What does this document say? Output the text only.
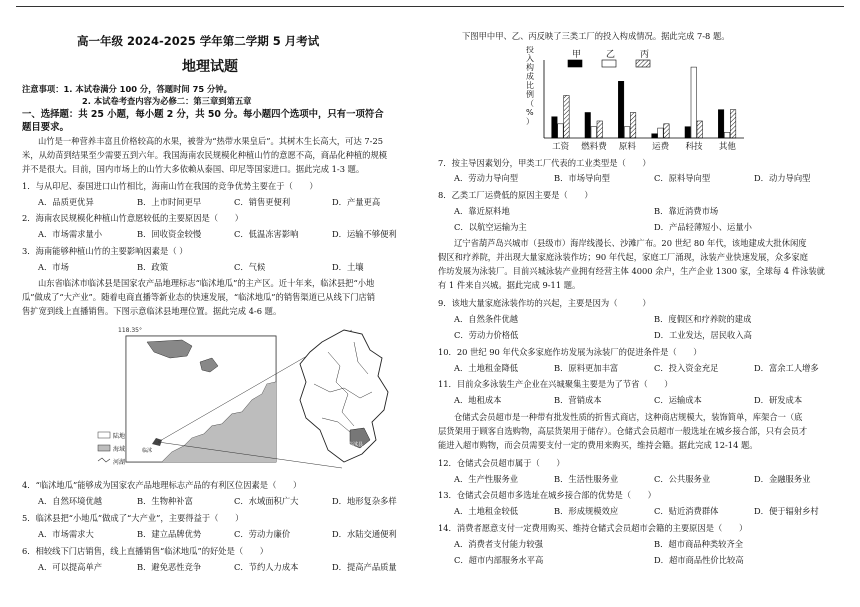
高一年级 2024-2025 学年第二学期 5 月考试
地理试题
注意事项：1. 本试卷满分 100 分，答题时间 75 分钟。
2. 本试卷考查内容为必修二：第三章到第五章
一、选择题：共 25 小题，每小题 2 分，共 50 分。每小题四个选项中，只有一项符合
题目要求。
山竹是一种营养丰富且价格较高的水果，被誉为“热带水果皇后”。其树木生长高大，可达 7-25
米，从幼苗到结果至少需要五到六年。我国海南农民规模化种植山竹的意愿不高，商品化种植的规模
并不是很大。目前，国内市场上的山竹大多依赖从泰国、印尼等国家进口。据此完成 1-3 题。
1．与从印尼、泰国进口山竹相比，海南山竹在我国的竞争优势主要在于（　　）
A．品质更优异	B．上市时间更早	C．销售更便利	D．产量更高
2．海南农民规模化种植山竹意愿较低的主要原因是（　　）
A．市场需求量小	B．回收资金较慢	C．低温冻害影响	D．运输不够便利
3．海南能够种植山竹的主要影响因素是（ ）
A．市场	B．政策	C．气候	D．土壤
山东省临沭市临沭县是国家农产品地理标志“临沭地瓜”的主产区。近十年来，临沭县把“小地
瓜”做成了“大产业”。随着电商直播等新业态的快速发展，“临沭地瓜”的销售渠道已从线下门店销
售扩宽到线上直播销售。下图示意临沭县地理位置。据此完成 4-6 题。
118.35°
临沭
临沭县
陆地
海域
河湖
4．“临沭地瓜”能够成为国家农产品地理标志产品的有利区位因素是（　　）
A．自然环境优越	B．生物种补富	C．水域面积广大	D．地形复杂多样
5．临沭县把“小地瓜”做成了“大产业”，主要得益于（　　）
A．市场需求大	B．建立品牌优势	C．劳动力廉价	D．水陆交通便利
6．相较线下门店销售，线上直播销售“临沭地瓜”的好处是（　　）
A．可以提高单产	B．避免恶性竞争	C．节约人力成本	D．提高产品质量
下图甲中甲、乙、丙反映了三类工厂的投入构成情况。据此完成 7-8 题。
投入构成比例（%）
甲	乙	丙
工资 燃料费 原料 运费 科技 其他
7．按主导因素划分，甲类工厂代表的工业类型是（　　）
A．劳动力导向型	B．市场导向型	C．原料导向型	D．动力导向型
8．乙类工厂运费低的原因主要是（　　）
A．靠近原料地	B．靠近消费市场
C．以航空运输为主	D．产品轻薄短小、运量小
辽宁省葫芦岛兴城市（县级市）海岸线漫长、沙滩广布。20 世纪 80 年代，该地建成大批休闲度
假区和疗养院，并出现大量家庭泳装作坊；90 年代起，家庭工厂涌现，泳装产业快速发展，众多家庭
作坊发展为泳装厂。目前兴城泳装产业拥有经营主体 4000 余户，生产企业 1300 家，全球每 4 件泳装就
有 1 件来自兴城。据此完成 9-11 题。
9．该地大量家庭泳装作坊的兴起，主要是因为（　　　）
A．自然条件优越	B．度假区和疗养院的建成
C．劳动力价格低	D．工业发达，居民收入高
10．20 世纪 90 年代众多家庭作坊发展为泳装厂的促进条件是（　　）
A．土地租金降低	B．原料更加丰富	C．投入资金充足	D．富余工人增多
11．目前众多泳装生产企业在兴城聚集主要是为了节省（　　）
A．地租成本	B．营销成本	C．运输成本	D．研发成本
仓储式会员超市是一种带有批发性质的折售式商店，这种商店规模大，装饰简单，库架合一（底
层货架用于顾客自选购物，高层货架用于储存）。仓储式会员超市一般选址在城乡接合部，只有会员才
能进入超市购物，而会员需要支付一定的费用来购买，维持会籍。据此完成 12-14 题。
12．仓储式会员超市属于（　　）
A．生产性服务业	B．生活性服务业	C．公共服务业	D．金融服务业
13．仓储式会员超市多选址在城乡接合部的优势是（　　）
A．土地租金较低	B．形成规模效应	C．贴近消费群体	D．便于辐射乡村
14．消费者愿意支付一定费用购买、维持仓储式会员超市会籍的主要原因是（　　）
A．消费者支付能力较强	B．超市商品种类较齐全
C．超市内部服务水平高	D．超市商品性价比较高
